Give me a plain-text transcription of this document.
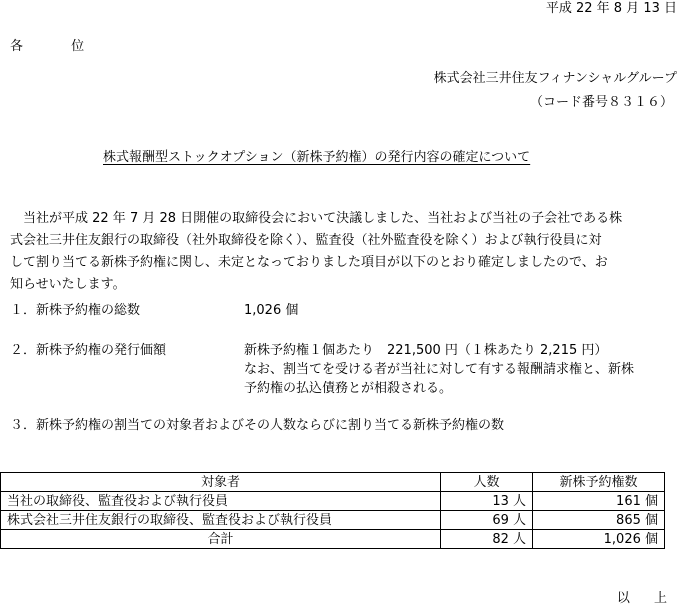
平成 22 年 8 月 13 日
各 位
株式会社三井住友フィナンシャルグループ
（コード番号８３１６）
株式報酬型ストックオプション（新株予約権）の発行内容の確定について
　当社が平成 22 年 7 月 28 日開催の取締役会において決議しました、当社および当社の子会社である株
式会社三井住友銀行の取締役（社外取締役を除く）、監査役（社外監査役を除く）および執行役員に対
して割り当てる新株予約権に関し、未定となっておりました項目が以下のとおり確定しましたので、お
知らせいたします。
１．新株予約権の総数	1,026 個
２．新株予約権の発行価額	新株予約権１個あたり　221,500 円（１株あたり 2,215 円）
なお、割当てを受ける者が当社に対して有する報酬請求権と、新株
予約権の払込債務とが相殺される。
３．新株予約権の割当ての対象者およびその人数ならびに割り当てる新株予約権の数
対象者	人数	新株予約権数
当社の取締役、監査役および執行役員	13 人	161 個
株式会社三井住友銀行の取締役、監査役および執行役員	69 人	865 個
合計	82 人	1,026 個
以 上
